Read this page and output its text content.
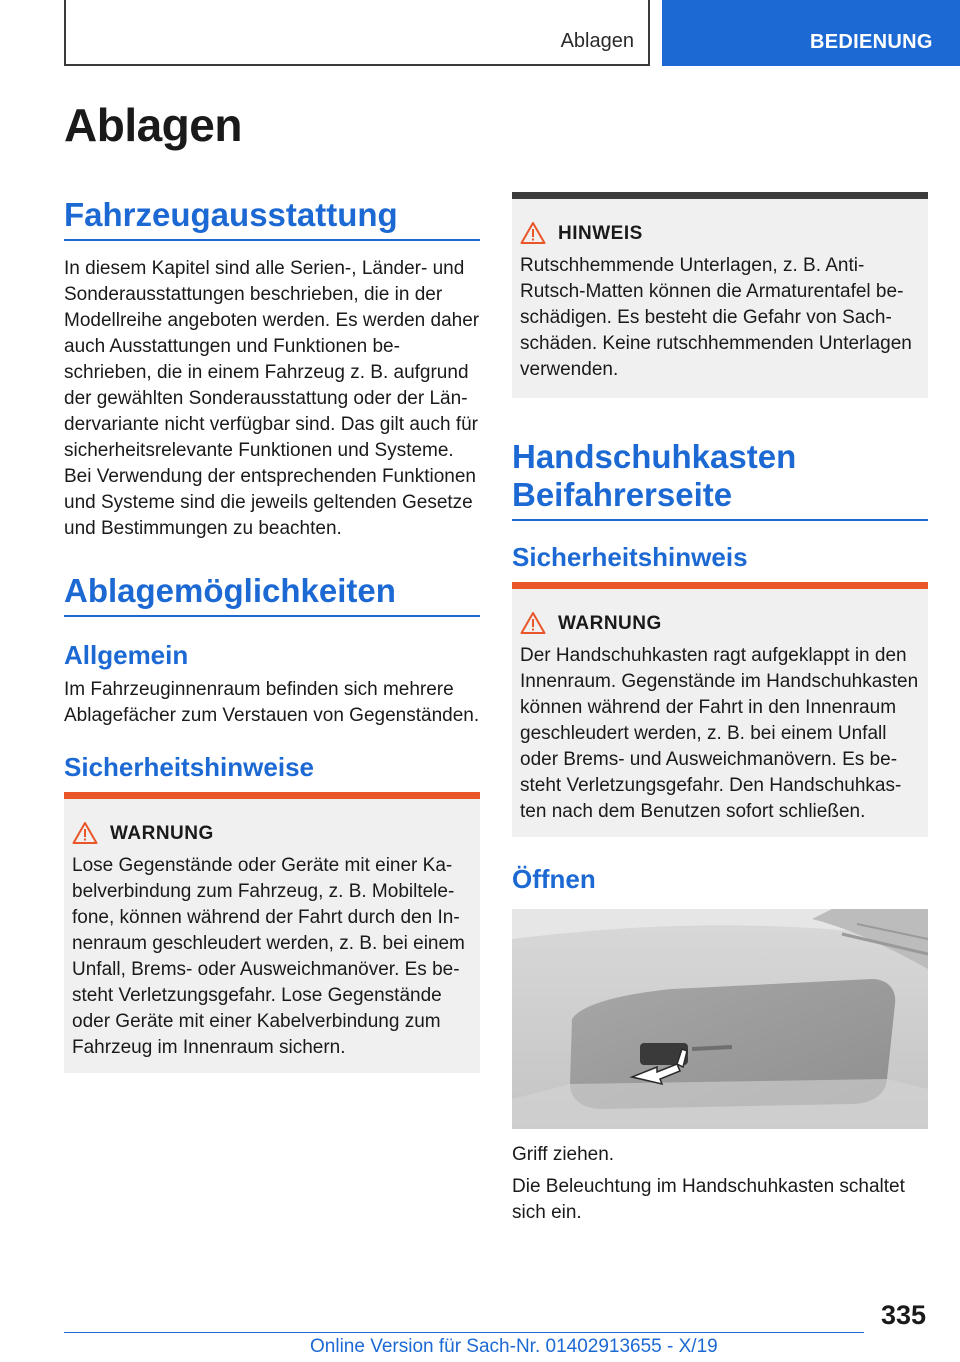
Ablagen	BEDIENUNG
Ablagen
Fahrzeugausstattung

In diesem Kapitel sind alle Serien-, Länder- und Sonderausstattungen beschrieben, die in der Modellreihe angeboten werden. Es werden daher auch Ausstattungen und Funktionen beschrieben, die in einem Fahrzeug z. B. aufgrund der gewählten Sonderausstattung oder der Ländervariante nicht verfügbar sind. Das gilt auch für sicherheitsrelevante Funktionen und Systeme. Bei Verwendung der entsprechenden Funktionen und Systeme sind die jeweils geltenden Gesetze und Bestimmungen zu beachten.

Ablagemöglichkeiten
Allgemein

Im Fahrzeuginnenraum befinden sich mehrere Ablagefächer zum Verstauen von Gegenständen.

Sicherheitshinweise
WARNUNG

Lose Gegenstände oder Geräte mit einer Kabelverbindung zum Fahrzeug, z. B. Mobiltelefone, können während der Fahrt durch den Innenraum geschleudert werden, z. B. bei einem Unfall, Brems- oder Ausweichmanöver. Es besteht Verletzungsgefahr. Lose Gegenstände oder Geräte mit einer Kabelverbindung zum Fahrzeug im Innenraum sichern.

HINWEIS

Rutschhemmende Unterlagen, z. B. Anti-Rutsch-Matten können die Armaturentafel beschädigen. Es besteht die Gefahr von Sachschäden. Keine rutschhemmenden Unterlagen verwenden.

Handschuhkasten
Beifahrerseite
Sicherheitshinweis
WARNUNG

Der Handschuhkasten ragt aufgeklappt in den Innenraum. Gegenstände im Handschuhkasten können während der Fahrt in den Innenraum geschleudert werden, z. B. bei einem Unfall oder Brems- und Ausweichmanövern. Es besteht Verletzungsgefahr. Den Handschuhkasten nach dem Benutzen sofort schließen.

Öffnen

Griff ziehen.

Die Beleuchtung im Handschuhkasten schaltet sich ein.

335
Online Version für Sach-Nr. 01402913655 - X/19
